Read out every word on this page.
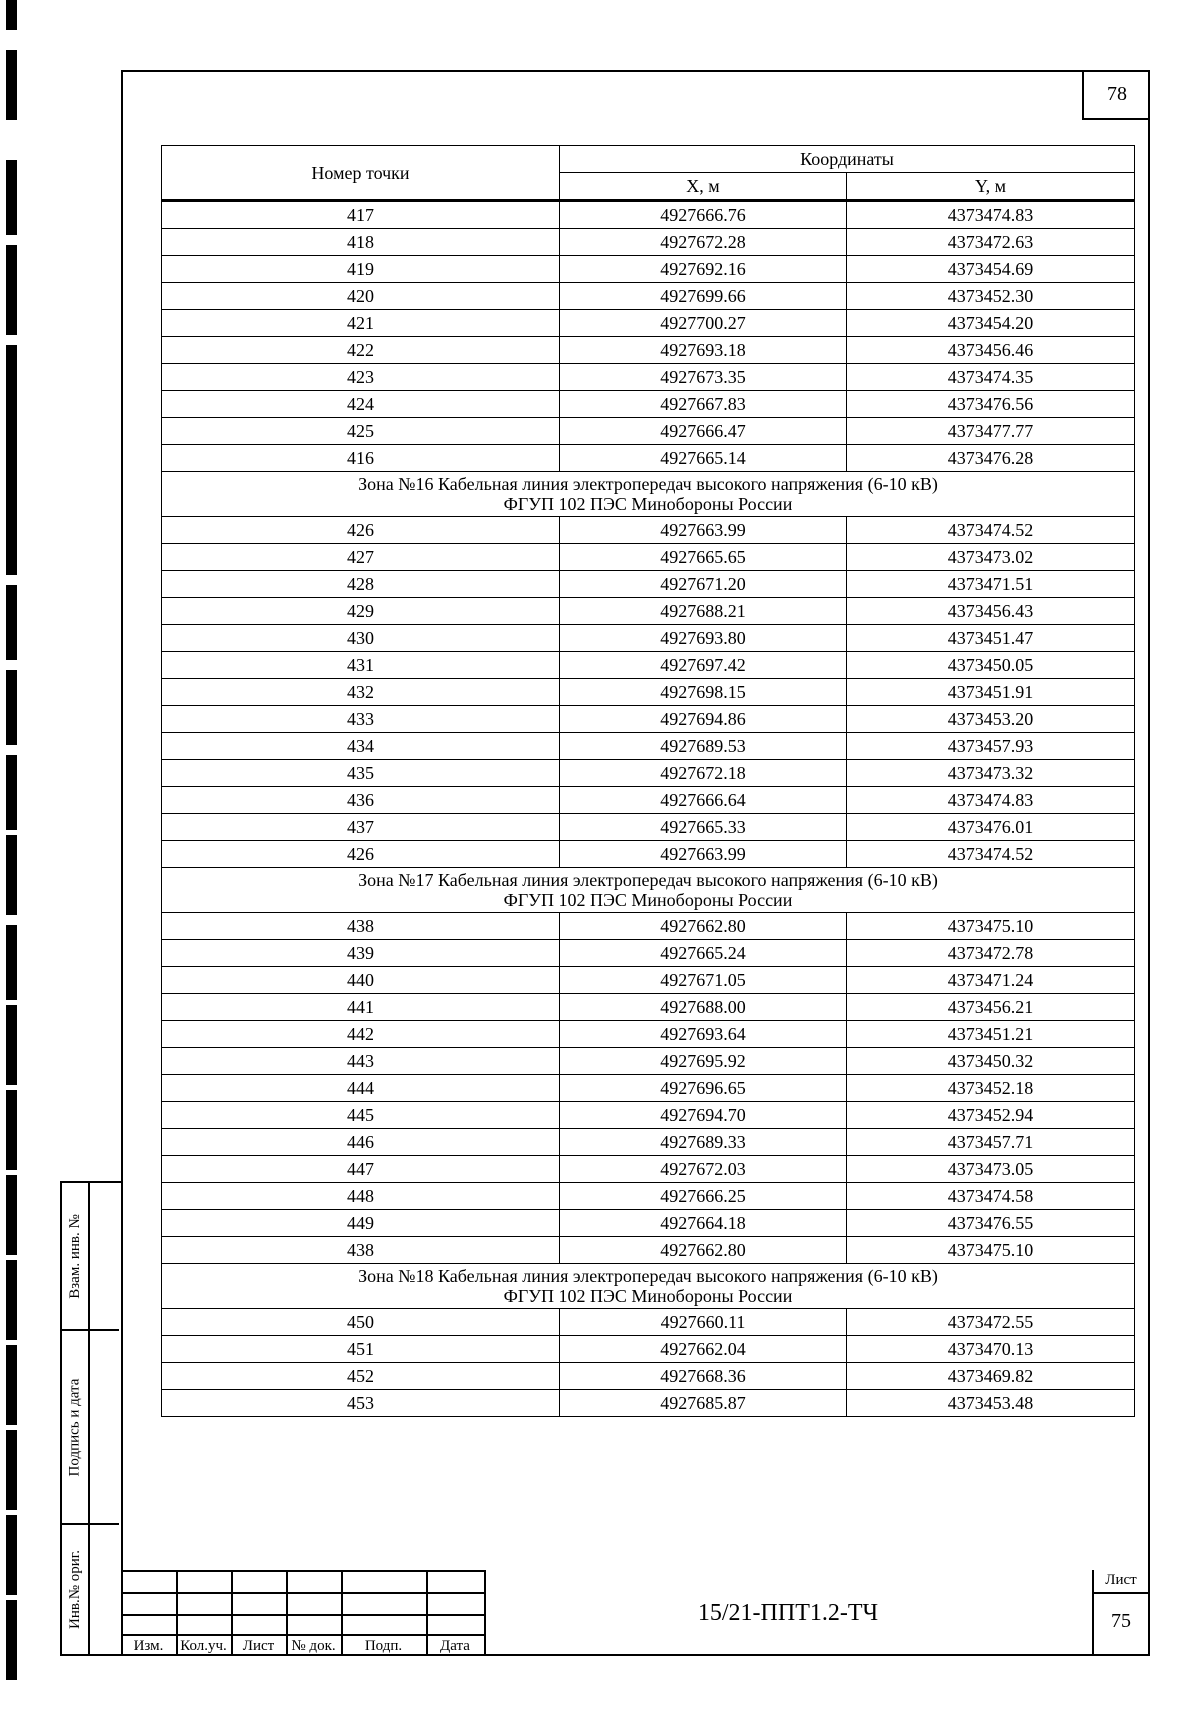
78
Номер точки	Координаты	
	X, м	Y, м
417	4927666.76	4373474.83
418	4927672.28	4373472.63
419	4927692.16	4373454.69
420	4927699.66	4373452.30
421	4927700.27	4373454.20
422	4927693.18	4373456.46
423	4927673.35	4373474.35
424	4927667.83	4373476.56
425	4927666.47	4373477.77
416	4927665.14	4373476.28

Зона №16 Кабельная линия электропередач высокого напряжения (6-10 кВ)
ФГУП 102 ПЭС Минобороны России		

426	4927663.99	4373474.52
427	4927665.65	4373473.02
428	4927671.20	4373471.51
429	4927688.21	4373456.43
430	4927693.80	4373451.47
431	4927697.42	4373450.05
432	4927698.15	4373451.91
433	4927694.86	4373453.20
434	4927689.53	4373457.93
435	4927672.18	4373473.32
436	4927666.64	4373474.83
437	4927665.33	4373476.01
426	4927663.99	4373474.52

Зона №17 Кабельная линия электропередач высокого напряжения (6-10 кВ)
ФГУП 102 ПЭС Минобороны России		

438	4927662.80	4373475.10
439	4927665.24	4373472.78
440	4927671.05	4373471.24
441	4927688.00	4373456.21
442	4927693.64	4373451.21
443	4927695.92	4373450.32
444	4927696.65	4373452.18
445	4927694.70	4373452.94
446	4927689.33	4373457.71
447	4927672.03	4373473.05
448	4927666.25	4373474.58
449	4927664.18	4373476.55
438	4927662.80	4373475.10

Зона №18 Кабельная линия электропередач высокого напряжения (6-10 кВ)
ФГУП 102 ПЭС Минобороны России		

450	4927660.11	4373472.55
451	4927662.04	4373470.13
452	4927668.36	4373469.82
453	4927685.87	4373453.48
Взам. инв. №
Подпись и дата
Инв.№ ориг.
Изм.	Кол.уч.	Лист	№ док.	Подп.	Дата
15/21-ППТ1.2-ТЧ
Лист
75
